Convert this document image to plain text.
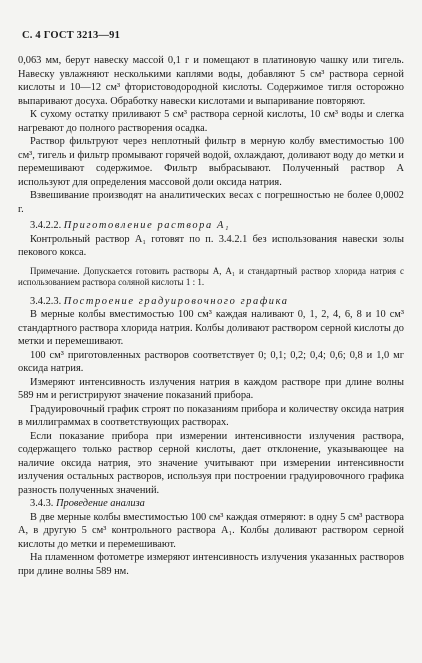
С. 4 ГОСТ 3213—91

0,063 мм, берут навеску массой 0,1 г и помещают в платиновую чашку или тигель. Навеску увлажняют несколькими каплями воды, добавляют 5 см³ раствора серной кислоты и 10—12 см³ фтористоводородной кислоты. Содержимое тигля осторожно выпаривают досуха. Обработку навески кислотами и выпаривание повторяют.

К сухому остатку приливают 5 см³ раствора серной кислоты, 10 см³ воды и слегка нагревают до полного растворения осадка.

Раствор фильтруют через неплотный фильтр в мерную колбу вместимостью 100 см³, тигель и фильтр промывают горячей водой, охлаждают, доливают воду до метки и перемешивают содержимое. Фильтр выбрасывают. Полученный раствор А используют для определения массовой доли оксида натрия.

Взвешивание производят на аналитических весах с погрешностью не более 0,0002 г.

3.4.2.2. Приготовление раствора А₁

Контрольный раствор А₁ готовят по п. 3.4.2.1 без использования навески золы пекового кокса.

Примечание. Допускается готовить растворы А, А₁ и стандартный раствор хлорида натрия с использованием раствора соляной кислоты 1 : 1.

3.4.2.3. Построение градуировочного графика

В мерные колбы вместимостью 100 см³ каждая наливают 0, 1, 2, 4, 6, 8 и 10 см³ стандартного раствора хлорида натрия. Колбы доливают раствором серной кислоты до метки и перемешивают.

100 см³ приготовленных растворов соответствует 0; 0,1; 0,2; 0,4; 0,6; 0,8 и 1,0 мг оксида натрия.

Измеряют интенсивность излучения натрия в каждом растворе при длине волны 589 нм и регистрируют значение показаний прибора.

Градуировочный график строят по показаниям прибора и количеству оксида натрия в миллиграммах в соответствующих растворах.

Если показание прибора при измерении интенсивности излучения раствора, содержащего только раствор серной кислоты, дает отклонение, указывающее на наличие оксида натрия, это значение учитывают при измерении интенсивности излучения остальных растворов, используя при построении градуировочного графика разность полученных значений.

3.4.3. Проведение анализа

В две мерные колбы вместимостью 100 см³ каждая отмеряют: в одну 5 см³ раствора А, в другую 5 см³ контрольного раствора А₁. Колбы доливают раствором серной кислоты до метки и перемешивают.

На пламенном фотометре измеряют интенсивность излучения указанных растворов при длине волны 589 нм.
